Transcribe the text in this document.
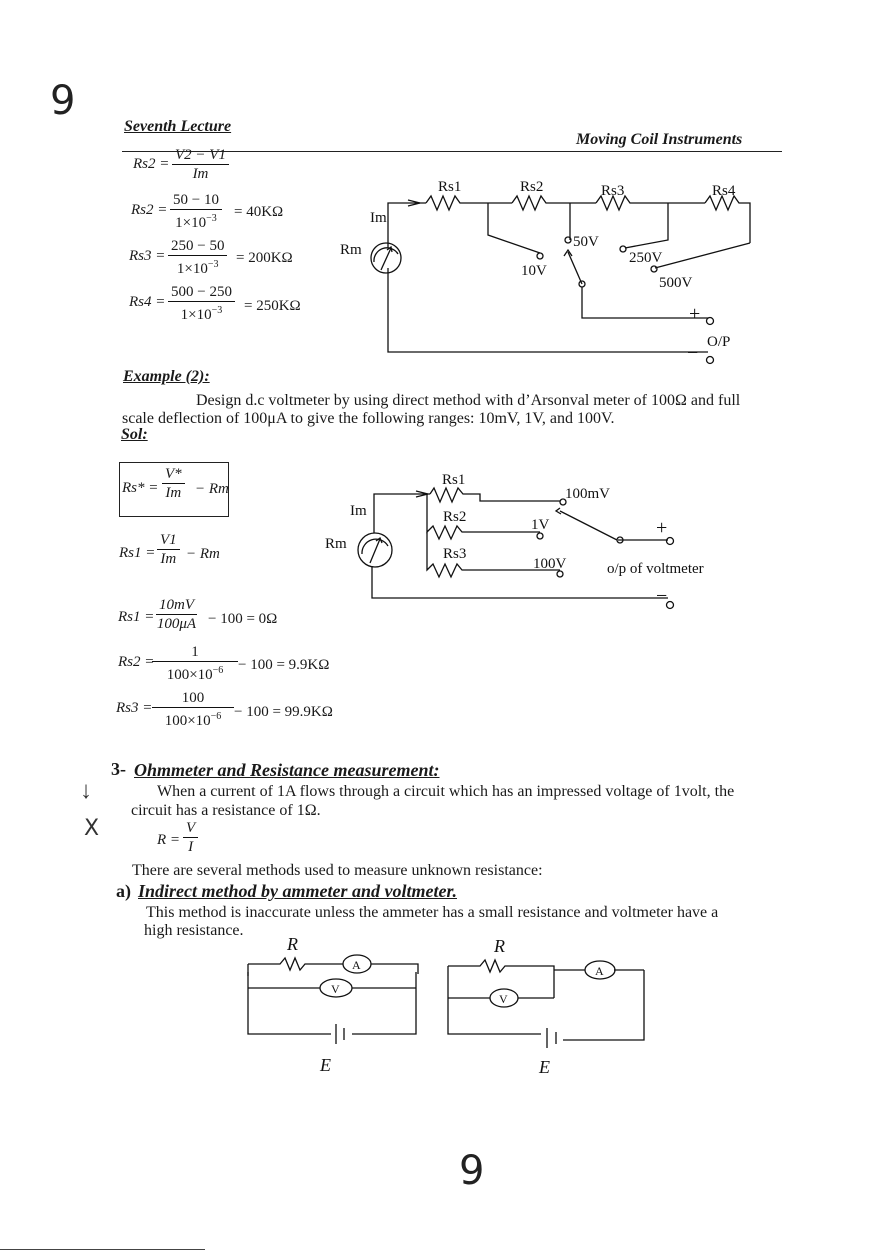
9
↓
X
Seventh Lecture
Moving Coil Instruments
$Rs2 = \frac{V2 - V1}{Im}$
$Rs2 = \frac{50 - 10}{1\times 10^{-3}} = 40K\Omega$
$Rs3 = \frac{250 - 50}{1\times 10^{-3}} = 200K\Omega$
$Rs4 = \frac{500 - 250}{1\times 10^{-3}} = 250K\Omega$
Rs1	Rs2	Rs3	Rs4
Im
Rm
10V
50V
250V
500V
+
O/P
−
Example (2):
Design d.c voltmeter by using direct method with d’Arsonval meter of 100Ω and full
scale deflection of 100μA to give the following ranges: 10mV, 1V, and 100V.
Sol:
$Rs* = \frac{V*}{Im} - Rm$
$Rs1 = \frac{V1}{Im} - Rm$
Rs1
Rs2
Rs3
Im
Rm
100mV
1V
100V
+
o/p of voltmeter
−
$Rs1 = \frac{10mV}{100\mu A} - 100 = 0\Omega$
Rs2 =
$\frac{1}{100\times 10^{-6}} - 100 = 9.9K\Omega$
$Rs3 = \frac{100}{100\times 10^{-6}} - 100 = 99.9K\Omega$
3- Ohmmeter and Resistance measurement:
When a current of 1A flows through a circuit which has an impressed voltage of 1volt, the
circuit has a resistance of 1Ω.
$R = \frac{V}{I}$
There are several methods used to measure unknown resistance:
a) Indirect method by ammeter and voltmeter.
This method is inaccurate unless the ammeter has a small resistance and voltmeter have a
high resistance.
R
A
V
E
R
A
V
E
9
